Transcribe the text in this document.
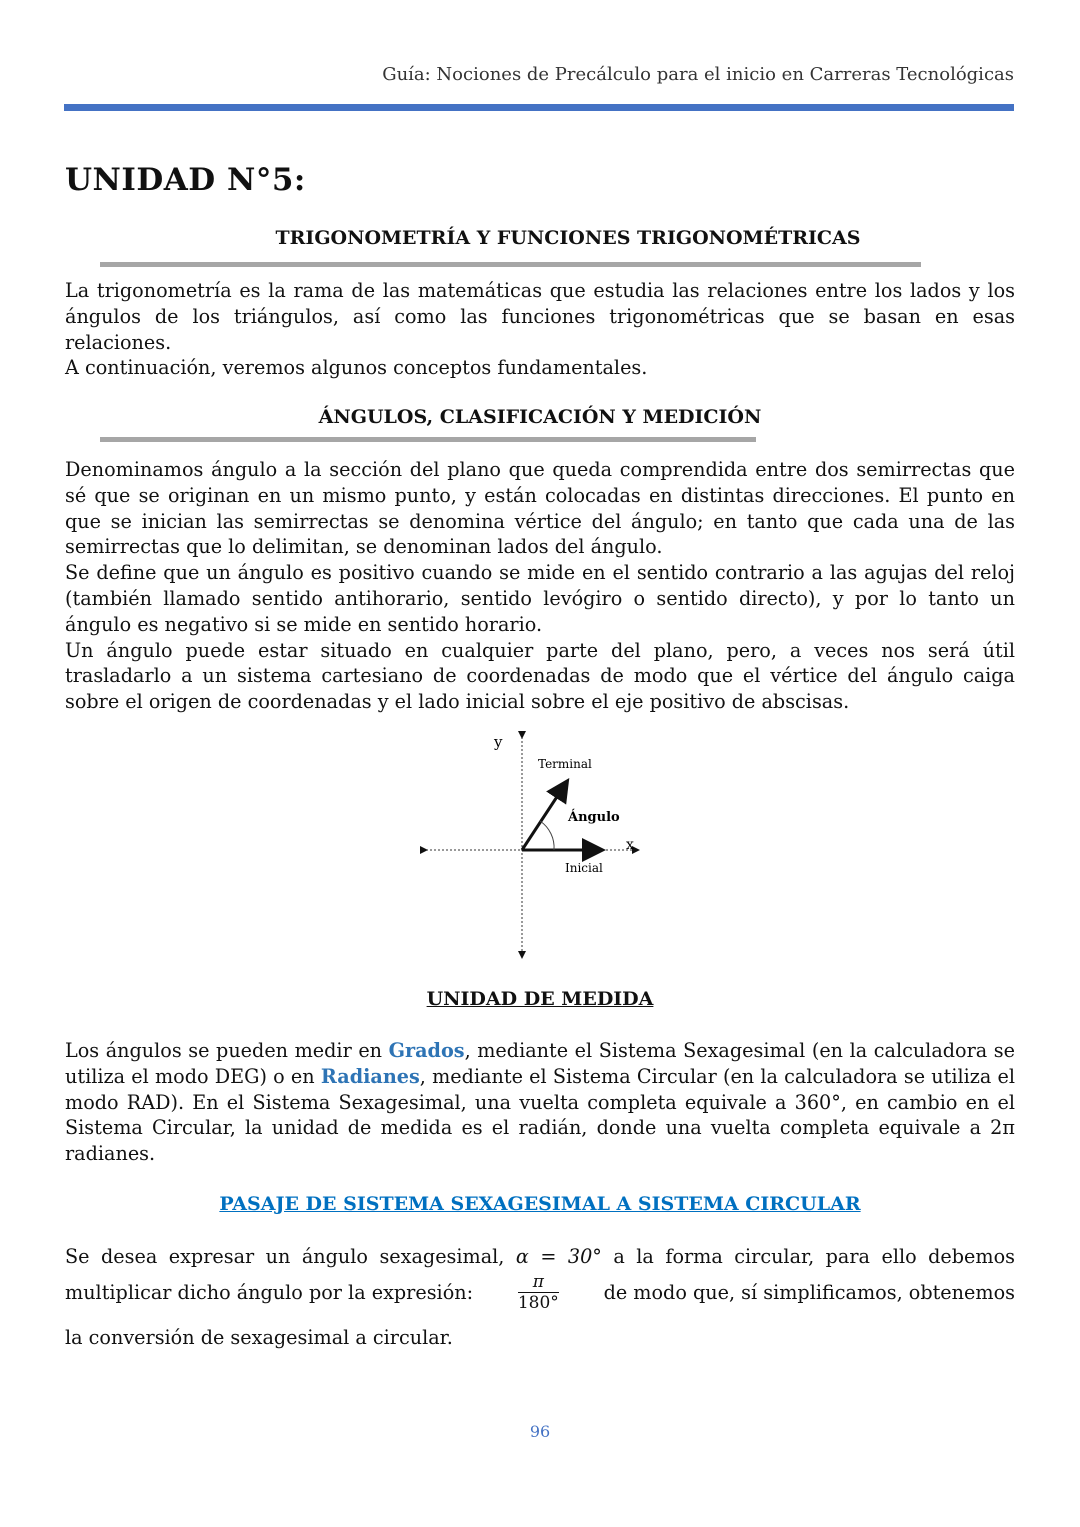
Guía: Nociones de Precálculo para el inicio en Carreras Tecnológicas
UNIDAD N°5:
TRIGONOMETRÍA Y FUNCIONES TRIGONOMÉTRICAS
La trigonometría es la rama de las matemáticas que estudia las relaciones entre los lados y los ángulos de los triángulos, así como las funciones trigonométricas que se basan en esas relaciones.
A continuación, veremos algunos conceptos fundamentales.
ÁNGULOS, CLASIFICACIÓN Y MEDICIÓN
Denominamos ángulo a la sección del plano que queda comprendida entre dos semirrectas que sé que se originan en un mismo punto, y están colocadas en distintas direcciones. El punto en que se inician las semirrectas se denomina vértice del ángulo; en tanto que cada una de las semirrectas que lo delimitan, se denominan lados del ángulo.
Se define que un ángulo es positivo cuando se mide en el sentido contrario a las agujas del reloj (también llamado sentido antihorario, sentido levógiro o sentido directo), y por lo tanto un ángulo es negativo si se mide en sentido horario.
Un ángulo puede estar situado en cualquier parte del plano, pero, a veces nos será útil trasladarlo a un sistema cartesiano de coordenadas de modo que el vértice del ángulo caiga sobre el origen de coordenadas y el lado inicial sobre el eje positivo de abscisas.
y
x
Terminal
Ángulo
Inicial
UNIDAD DE MEDIDA
Los ángulos se pueden medir en Grados, mediante el Sistema Sexagesimal (en la calculadora se utiliza el modo DEG) o en Radianes, mediante el Sistema Circular (en la calculadora se utiliza el modo RAD). En el Sistema Sexagesimal, una vuelta completa equivale a 360°, en cambio en el Sistema Circular, la unidad de medida es el radián, donde una vuelta completa equivale a 2π radianes.
PASAJE DE SISTEMA SEXAGESIMAL A SISTEMA CIRCULAR
Se desea expresar un ángulo sexagesimal, α = 30° a la forma circular, para ello debemos
multiplicar dicho ángulo por la expresión:	$\frac{\pi}{180^\circ}$ de modo que, sí simplificamos, obtenemos
la conversión de sexagesimal a circular.
96
